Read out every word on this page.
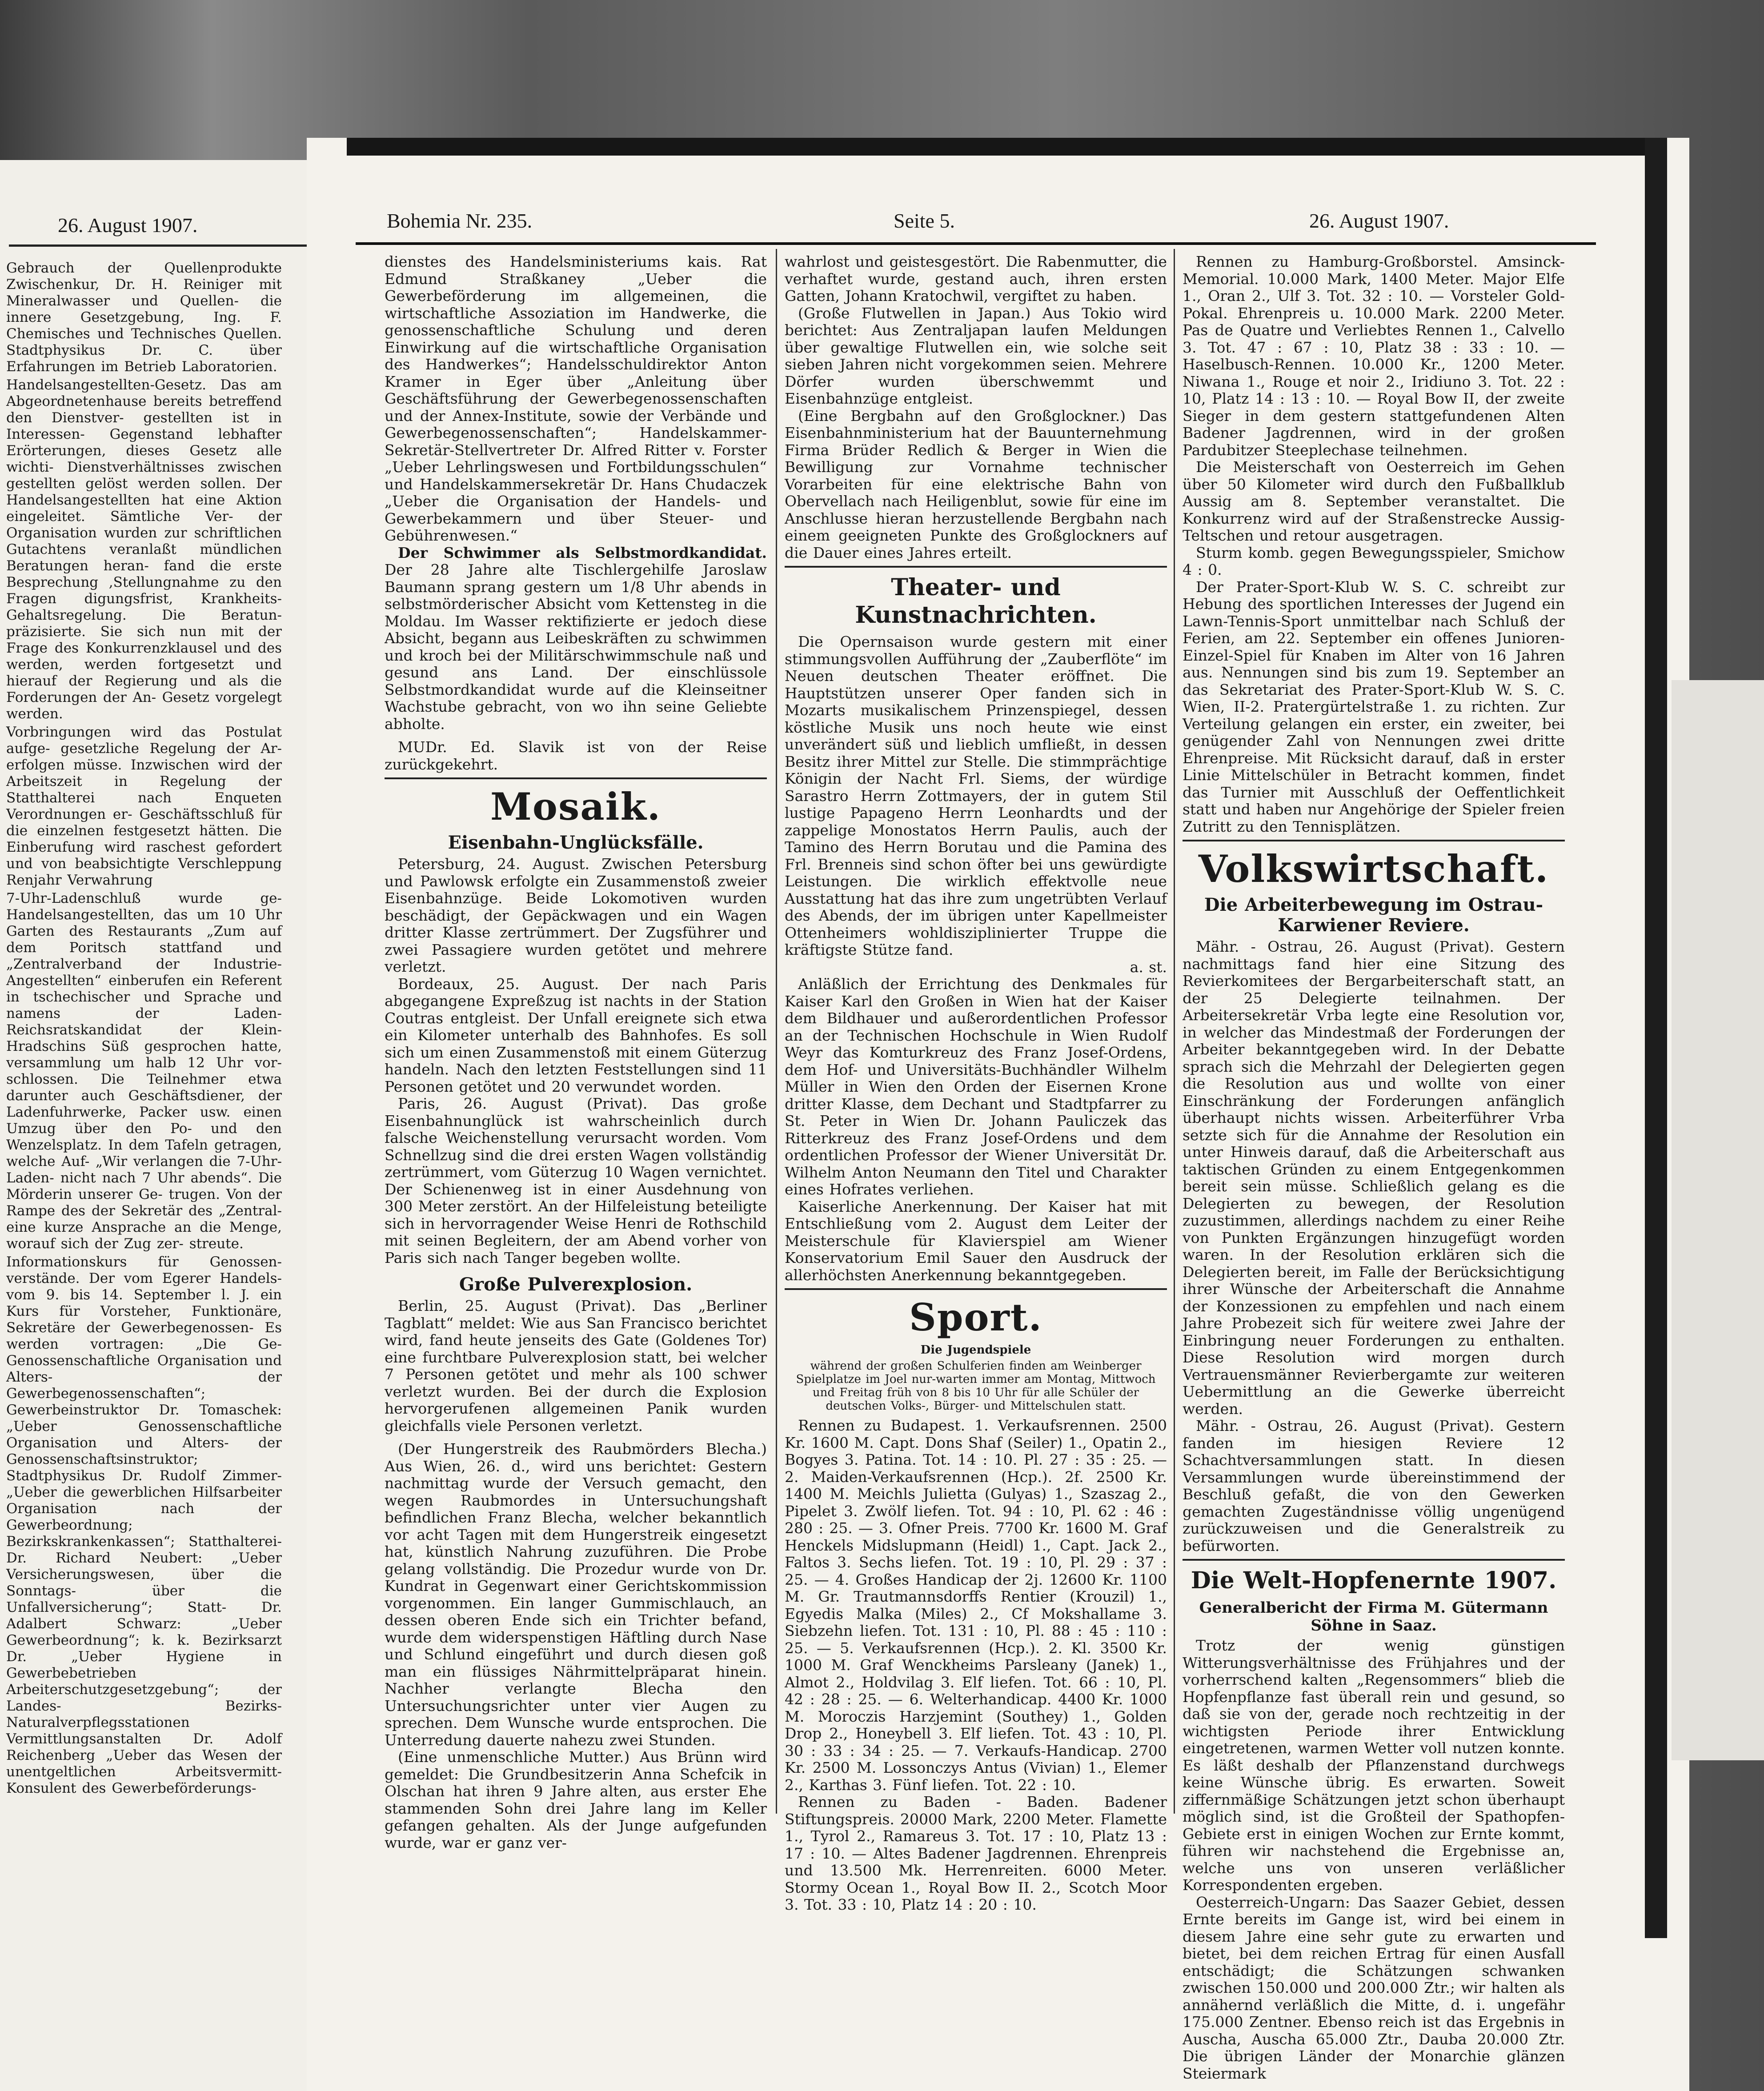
26. August 1907.

Gebrauch der Quellenprodukte Zwischenkur, Dr. H. Reiniger mit Mineralwasser und Quellen- die innere Gesetzgebung, Ing. F. Chemisches und Technisches Quellen. Stadtphysikus Dr. C. über Erfahrungen im Betrieb Laboratorien.

Handelsangestellten-Gesetz. Das am Abgeordnetenhause bereits betreffend den Dienstver- gestellten ist in Interessen- Gegenstand lebhafter Erörterungen, dieses Gesetz alle wichti- Dienstverhältnisses zwischen gestellten gelöst werden sollen. Der Handelsangestellten hat eine Aktion eingeleitet. Sämtliche Ver- der Organisation wurden zur schriftlichen Gutachtens veranlaßt mündlichen Beratungen heran- fand die erste Besprechung ,Stellungnahme zu den Fragen digungsfrist, Krankheits- Gehaltsregelung. Die Beratun- präzisierte. Sie sich nun mit der Frage des Konkurrenzklausel und des werden, werden fortgesetzt und hierauf der Regierung und als die Forderungen der An- Gesetz vorgelegt werden.

Vorbringungen wird das Postulat aufge- gesetzliche Regelung der Ar- erfolgen müsse. Inzwischen wird der Arbeitszeit in Regelung der Statthalterei nach Enqueten Verordnungen er- Geschäftsschluß für die einzelnen festgesetzt hätten. Die Einberufung wird raschest gefordert und von beabsichtigte Verschleppung Renjahr Verwahrung

7-Uhr-Ladenschluß wurde ge- Handelsangestellten, das um 10 Uhr Garten des Restaurants „Zum auf dem Poritsch stattfand und „Zentralverband der Industrie-Angestellten“ einberufen ein Referent in tschechischer und Sprache und namens der Laden- Reichsratskandidat der Klein- Hradschins Süß gesprochen hatte, versammlung um halb 12 Uhr vor- schlossen. Die Teilnehmer etwa darunter auch Geschäftsdiener, der Ladenfuhrwerke, Packer usw. einen Umzug über den Po- und den Wenzelsplatz. In dem Tafeln getragen, welche Auf- „Wir verlangen die 7-Uhr-Laden- nicht nach 7 Uhr abends“. Die Mörderin unserer Ge- trugen. Von der Rampe des der Sekretär des „Zentral- eine kurze Ansprache an die Menge, worauf sich der Zug zer- streute.

Informationskurs für Genossen- verstände. Der vom Egerer Handels- vom 9. bis 14. September l. J. ein Kurs für Vorsteher, Funktionäre, Sekretäre der Gewerbegenossen- Es werden vortragen: „Die Ge- Genossenschaftliche Organisation und Alters- der Gewerbegenossenschaften“; Gewerbeinstruktor Dr. Tomaschek: „Ueber Genossenschaftliche Organisation und Alters- der Genossenschaftsinstruktor; Stadtphysikus Dr. Rudolf Zimmer- „Ueber die gewerblichen Hilfsarbeiter Organisation nach der Gewerbeordnung; Bezirkskrankenkassen“; Statthalterei- Dr. Richard Neubert: „Ueber Versicherungswesen, über die Sonntags- über die Unfallversicherung“; Statt- Dr. Adalbert Schwarz: „Ueber Gewerbeordnung“; k. k. Bezirksarzt Dr. „Ueber Hygiene in Gewerbebetrieben Arbeiterschutzgesetzgebung“; der Landes- Bezirks-Naturalverpflegsstationen Vermittlungsanstalten Dr. Adolf Reichenberg „Ueber das Wesen der unentgeltlichen Arbeitsvermitt- Konsulent des Gewerbeförderungs-

Bohemia Nr. 235.	Seite 5.	26. August 1907.

dienstes des Handelsministeriums kais. Rat Edmund Straßkaney „Ueber die Gewerbeförderung im allgemeinen, die wirtschaftliche Assoziation im Handwerke, die genossenschaftliche Schulung und deren Einwirkung auf die wirtschaftliche Organisation des Handwerkes“; Handelsschuldirektor Anton Kramer in Eger über „Anleitung über Geschäftsführung der Gewerbegenossenschaften und der Annex-Institute, sowie der Verbände und Gewerbegenossenschaften“; Handelskammer-Sekretär-Stellvertreter Dr. Alfred Ritter v. Forster „Ueber Lehrlingswesen und Fortbildungsschulen“ und Handelskammersekretär Dr. Hans Chudaczek „Ueber die Organisation der Handels- und Gewerbekammern und über Steuer- und Gebührenwesen.“

Der Schwimmer als Selbstmordkandidat. Der 28 Jahre alte Tischlergehilfe Jaroslaw Baumann sprang gestern um 1/8 Uhr abends in selbstmörderischer Absicht vom Kettensteg in die Moldau. Im Wasser rektifizierte er jedoch diese Absicht, begann aus Leibeskräften zu schwimmen und kroch bei der Militärschwimmschule naß und gesund ans Land. Der einschlüssole Selbstmordkandidat wurde auf die Kleinseitner Wachstube gebracht, von wo ihn seine Geliebte abholte.

MUDr. Ed. Slavik ist von der Reise zurückgekehrt.

Mosaik.
Eisenbahn-Unglücksfälle.

Petersburg, 24. August. Zwischen Petersburg und Pawlowsk erfolgte ein Zusammenstoß zweier Eisenbahnzüge. Beide Lokomotiven wurden beschädigt, der Gepäckwagen und ein Wagen dritter Klasse zertrümmert. Der Zugsführer und zwei Passagiere wurden getötet und mehrere verletzt.

Bordeaux, 25. August. Der nach Paris abgegangene Expreßzug ist nachts in der Station Coutras entgleist. Der Unfall ereignete sich etwa ein Kilometer unterhalb des Bahnhofes. Es soll sich um einen Zusammenstoß mit einem Güterzug handeln. Nach den letzten Feststellungen sind 11 Personen getötet und 20 verwundet worden.

Paris, 26. August (Privat). Das große Eisenbahnunglück ist wahrscheinlich durch falsche Weichenstellung verursacht worden. Vom Schnellzug sind die drei ersten Wagen vollständig zertrümmert, vom Güterzug 10 Wagen vernichtet. Der Schienenweg ist in einer Ausdehnung von 300 Meter zerstört. An der Hilfeleistung beteiligte sich in hervorragender Weise Henri de Rothschild mit seinen Begleitern, der am Abend vorher von Paris sich nach Tanger begeben wollte.

Große Pulverexplosion.

Berlin, 25. August (Privat). Das „Berliner Tagblatt“ meldet: Wie aus San Francisco berichtet wird, fand heute jenseits des Gate (Goldenes Tor) eine furchtbare Pulverexplosion statt, bei welcher 7 Personen getötet und mehr als 100 schwer verletzt wurden. Bei der durch die Explosion hervorgerufenen allgemeinen Panik wurden gleichfalls viele Personen verletzt.

(Der Hungerstreik des Raubmörders Blecha.) Aus Wien, 26. d., wird uns berichtet: Gestern nachmittag wurde der Versuch gemacht, den wegen Raubmordes in Untersuchungshaft befindlichen Franz Blecha, welcher bekanntlich vor acht Tagen mit dem Hungerstreik eingesetzt hat, künstlich Nahrung zuzuführen. Die Probe gelang vollständig. Die Prozedur wurde von Dr. Kundrat in Gegenwart einer Gerichtskommission vorgenommen. Ein langer Gummischlauch, an dessen oberen Ende sich ein Trichter befand, wurde dem widerspenstigen Häftling durch Nase und Schlund eingeführt und durch diesen goß man ein flüssiges Nährmittelpräparat hinein. Nachher verlangte Blecha den Untersuchungsrichter unter vier Augen zu sprechen. Dem Wunsche wurde entsprochen. Die Unterredung dauerte nahezu zwei Stunden.

(Eine unmenschliche Mutter.) Aus Brünn wird gemeldet: Die Grundbesitzerin Anna Schefcik in Olschan hat ihren 9 Jahre alten, aus erster Ehe stammenden Sohn drei Jahre lang im Keller gefangen gehalten. Als der Junge aufgefunden wurde, war er ganz ver-

wahrlost und geistesgestört. Die Rabenmutter, die verhaftet wurde, gestand auch, ihren ersten Gatten, Johann Kratochwil, vergiftet zu haben.

(Große Flutwellen in Japan.) Aus Tokio wird berichtet: Aus Zentraljapan laufen Meldungen über gewaltige Flutwellen ein, wie solche seit sieben Jahren nicht vorgekommen seien. Mehrere Dörfer wurden überschwemmt und Eisenbahnzüge entgleist.

(Eine Bergbahn auf den Großglockner.) Das Eisenbahnministerium hat der Bauunternehmung Firma Brüder Redlich & Berger in Wien die Bewilligung zur Vornahme technischer Vorarbeiten für eine elektrische Bahn von Obervellach nach Heiligenblut, sowie für eine im Anschlusse hieran herzustellende Bergbahn nach einem geeigneten Punkte des Großglockners auf die Dauer eines Jahres erteilt.

Theater- und Kunstnachrichten.

Die Opernsaison wurde gestern mit einer stimmungsvollen Aufführung der „Zauberflöte“ im Neuen deutschen Theater eröffnet. Die Hauptstützen unserer Oper fanden sich in Mozarts musikalischem Prinzenspiegel, dessen köstliche Musik uns noch heute wie einst unverändert süß und lieblich umfließt, in dessen Besitz ihrer Mittel zur Stelle. Die stimmprächtige Königin der Nacht Frl. Siems, der würdige Sarastro Herrn Zottmayers, der in gutem Stil lustige Papageno Herrn Leonhardts und der zappelige Monostatos Herrn Paulis, auch der Tamino des Herrn Borutau und die Pamina des Frl. Brenneis sind schon öfter bei uns gewürdigte Leistungen. Die wirklich effektvolle neue Ausstattung hat das ihre zum ungetrübten Verlauf des Abends, der im übrigen unter Kapellmeister Ottenheimers wohldisziplinierter Truppe die kräftigste Stütze fand.

a. st.

Anläßlich der Errichtung des Denkmales für Kaiser Karl den Großen in Wien hat der Kaiser dem Bildhauer und außerordentlichen Professor an der Technischen Hochschule in Wien Rudolf Weyr das Komturkreuz des Franz Josef-Ordens, dem Hof- und Universitäts-Buchhändler Wilhelm Müller in Wien den Orden der Eisernen Krone dritter Klasse, dem Dechant und Stadtpfarrer zu St. Peter in Wien Dr. Johann Pauliczek das Ritterkreuz des Franz Josef-Ordens und dem ordentlichen Professor der Wiener Universität Dr. Wilhelm Anton Neumann den Titel und Charakter eines Hofrates verliehen.

Kaiserliche Anerkennung. Der Kaiser hat mit Entschließung vom 2. August dem Leiter der Meisterschule für Klavierspiel am Wiener Konservatorium Emil Sauer den Ausdruck der allerhöchsten Anerkennung bekanntgegeben.

Sport.
Die Jugendspiele

während der großen Schulferien finden am Weinberger Spielplatze im Joel nur-warten immer am Montag, Mittwoch und Freitag früh von 8 bis 10 Uhr für alle Schüler der deutschen Volks-, Bürger- und Mittelschulen statt.

Rennen zu Budapest. 1. Verkaufsrennen. 2500 Kr. 1600 M. Capt. Dons Shaf (Seiler) 1., Opatin 2., Bogyes 3. Patina. Tot. 14 : 10. Pl. 27 : 35 : 25. — 2. Maiden-Verkaufsrennen (Hcp.). 2f. 2500 Kr. 1400 M. Meichls Julietta (Gulyas) 1., Szaszag 2., Pipelet 3. Zwölf liefen. Tot. 94 : 10, Pl. 62 : 46 : 280 : 25. — 3. Ofner Preis. 7700 Kr. 1600 M. Graf Henckels Midslupmann (Heidl) 1., Capt. Jack 2., Faltos 3. Sechs liefen. Tot. 19 : 10, Pl. 29 : 37 : 25. — 4. Großes Handicap der 2j. 12600 Kr. 1100 M. Gr. Trautmannsdorffs Rentier (Krouzil) 1., Egyedis Malka (Miles) 2., Cf Mokshallame 3. Siebzehn liefen. Tot. 131 : 10, Pl. 88 : 45 : 110 : 25. — 5. Verkaufsrennen (Hcp.). 2. Kl. 3500 Kr. 1000 M. Graf Wenckheims Parsleany (Janek) 1., Almot 2., Holdvilag 3. Elf liefen. Tot. 66 : 10, Pl. 42 : 28 : 25. — 6. Welterhandicap. 4400 Kr. 1000 M. Moroczis Harzjemint (Southey) 1., Golden Drop 2., Honeybell 3. Elf liefen. Tot. 43 : 10, Pl. 30 : 33 : 34 : 25. — 7. Verkaufs-Handicap. 2700 Kr. 2500 M. Lossonczys Antus (Vivian) 1., Elemer 2., Karthas 3. Fünf liefen. Tot. 22 : 10.

Rennen zu Baden - Baden. Badener Stiftungspreis. 20000 Mark, 2200 Meter. Flamette 1., Tyrol 2., Ramareus 3. Tot. 17 : 10, Platz 13 : 17 : 10. — Altes Badener Jagdrennen. Ehrenpreis und 13.500 Mk. Herrenreiten. 6000 Meter. Stormy Ocean 1., Royal Bow II. 2., Scotch Moor 3. Tot. 33 : 10, Platz 14 : 20 : 10.

Rennen zu Hamburg-Großborstel. Amsinck-Memorial. 10.000 Mark, 1400 Meter. Major Elfe 1., Oran 2., Ulf 3. Tot. 32 : 10. — Vorsteler Gold-Pokal. Ehrenpreis u. 10.000 Mark. 2200 Meter. Pas de Quatre und Verliebtes Rennen 1., Calvello 3. Tot. 47 : 67 : 10, Platz 38 : 33 : 10. — Haselbusch-Rennen. 10.000 Kr., 1200 Meter. Niwana 1., Rouge et noir 2., Iridiuno 3. Tot. 22 : 10, Platz 14 : 13 : 10. — Royal Bow II, der zweite Sieger in dem gestern stattgefundenen Alten Badener Jagdrennen, wird in der großen Pardubitzer Steeplechase teilnehmen.

Die Meisterschaft von Oesterreich im Gehen über 50 Kilometer wird durch den Fußballklub Aussig am 8. September veranstaltet. Die Konkurrenz wird auf der Straßenstrecke Aussig-Teltschen und retour ausgetragen.

Sturm komb. gegen Bewegungsspieler, Smichow 4 : 0.

Der Prater-Sport-Klub W. S. C. schreibt zur Hebung des sportlichen Interesses der Jugend ein Lawn-Tennis-Sport unmittelbar nach Schluß der Ferien, am 22. September ein offenes Junioren-Einzel-Spiel für Knaben im Alter von 16 Jahren aus. Nennungen sind bis zum 19. September an das Sekretariat des Prater-Sport-Klub W. S. C. Wien, II-2. Pratergürtelstraße 1. zu richten. Zur Verteilung gelangen ein erster, ein zweiter, bei genügender Zahl von Nennungen zwei dritte Ehrenpreise. Mit Rücksicht darauf, daß in erster Linie Mittelschüler in Betracht kommen, findet das Turnier mit Ausschluß der Oeffentlichkeit statt und haben nur Angehörige der Spieler freien Zutritt zu den Tennisplätzen.

Volkswirtschaft.
Die Arbeiterbewegung im Ostrau-Karwiener Reviere.

Mähr. - Ostrau, 26. August (Privat). Gestern nachmittags fand hier eine Sitzung des Revierkomitees der Bergarbeiterschaft statt, an der 25 Delegierte teilnahmen. Der Arbeitersekretär Vrba legte eine Resolution vor, in welcher das Mindestmaß der Forderungen der Arbeiter bekanntgegeben wird. In der Debatte sprach sich die Mehrzahl der Delegierten gegen die Resolution aus und wollte von einer Einschränkung der Forderungen anfänglich überhaupt nichts wissen. Arbeiterführer Vrba setzte sich für die Annahme der Resolution ein unter Hinweis darauf, daß die Arbeiterschaft aus taktischen Gründen zu einem Entgegenkommen bereit sein müsse. Schließlich gelang es die Delegierten zu bewegen, der Resolution zuzustimmen, allerdings nachdem zu einer Reihe von Punkten Ergänzungen hinzugefügt worden waren. In der Resolution erklären sich die Delegierten bereit, im Falle der Berücksichtigung ihrer Wünsche der Arbeiterschaft die Annahme der Konzessionen zu empfehlen und nach einem Jahre Probezeit sich für weitere zwei Jahre der Einbringung neuer Forderungen zu enthalten. Diese Resolution wird morgen durch Vertrauensmänner Revierbergamte zur weiteren Uebermittlung an die Gewerke überreicht werden.

Mähr. - Ostrau, 26. August (Privat). Gestern fanden im hiesigen Reviere 12 Schachtversammlungen statt. In diesen Versammlungen wurde übereinstimmend der Beschluß gefaßt, die von den Gewerken gemachten Zugeständnisse völlig ungenügend zurückzuweisen und die Generalstreik zu befürworten.

Die Welt-Hopfenernte 1907.
Generalbericht der Firma M. Gütermann Söhne in Saaz.

Trotz der wenig günstigen Witterungsverhältnisse des Frühjahres und der vorherrschend kalten „Regensommers“ blieb die Hopfenpflanze fast überall rein und gesund, so daß sie von der, gerade noch rechtzeitig in der wichtigsten Periode ihrer Entwicklung eingetretenen, warmen Wetter voll nutzen konnte. Es läßt deshalb der Pflanzenstand durchwegs keine Wünsche übrig. Es erwarten. Soweit ziffernmäßige Schätzungen jetzt schon überhaupt möglich sind, ist die Großteil der Spathopfen-Gebiete erst in einigen Wochen zur Ernte kommt, führen wir nachstehend die Ergebnisse an, welche uns von unseren verläßlicher Korrespondenten ergeben.

Oesterreich-Ungarn: Das Saazer Gebiet, dessen Ernte bereits im Gange ist, wird bei einem in diesem Jahre eine sehr gute zu erwarten und bietet, bei dem reichen Ertrag für einen Ausfall entschädigt; die Schätzungen schwanken zwischen 150.000 und 200.000 Ztr.; wir halten als annähernd verläßlich die Mitte, d. i. ungefähr 175.000 Zentner. Ebenso reich ist das Ergebnis in Auscha, Auscha 65.000 Ztr., Dauba 20.000 Ztr. Die übrigen Länder der Monarchie glänzen Steiermark
